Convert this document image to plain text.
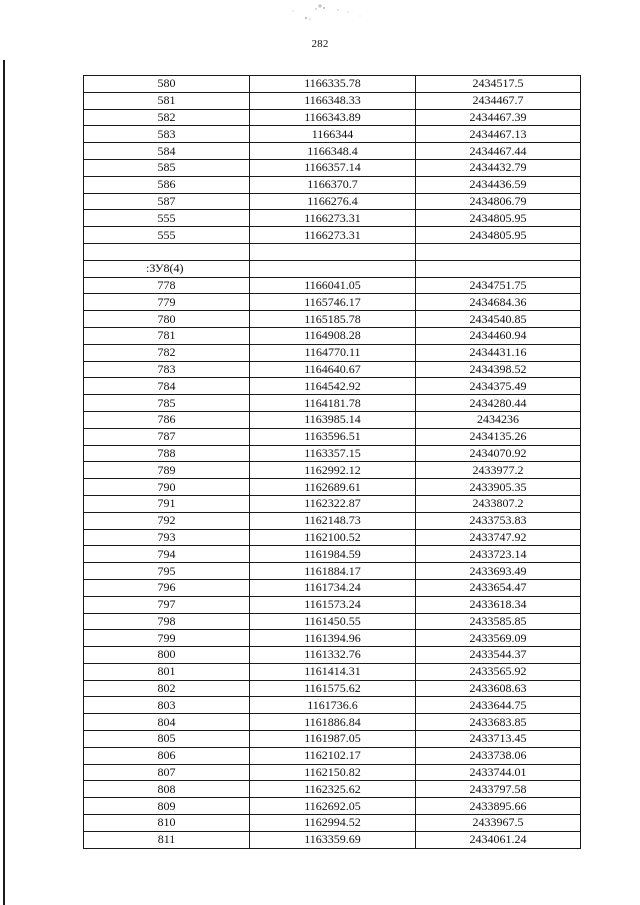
282
580	1166335.78	2434517.5
581	1166348.33	2434467.7
582	1166343.89	2434467.39
583	1166344	2434467.13
584	1166348.4	2434467.44
585	1166357.14	2434432.79
586	1166370.7	2434436.59
587	1166276.4	2434806.79
555	1166273.31	2434805.95
555	1166273.31	2434805.95

:ЗУ8(4)		
778	1166041.05	2434751.75
779	1165746.17	2434684.36
780	1165185.78	2434540.85
781	1164908.28	2434460.94
782	1164770.11	2434431.16
783	1164640.67	2434398.52
784	1164542.92	2434375.49
785	1164181.78	2434280.44
786	1163985.14	2434236
787	1163596.51	2434135.26
788	1163357.15	2434070.92
789	1162992.12	2433977.2
790	1162689.61	2433905.35
791	1162322.87	2433807.2
792	1162148.73	2433753.83
793	1162100.52	2433747.92
794	1161984.59	2433723.14
795	1161884.17	2433693.49
796	1161734.24	2433654.47
797	1161573.24	2433618.34
798	1161450.55	2433585.85
799	1161394.96	2433569.09
800	1161332.76	2433544.37
801	1161414.31	2433565.92
802	1161575.62	2433608.63
803	1161736.6	2433644.75
804	1161886.84	2433683.85
805	1161987.05	2433713.45
806	1162102.17	2433738.06
807	1162150.82	2433744.01
808	1162325.62	2433797.58
809	1162692.05	2433895.66
810	1162994.52	2433967.5
811	1163359.69	2434061.24
